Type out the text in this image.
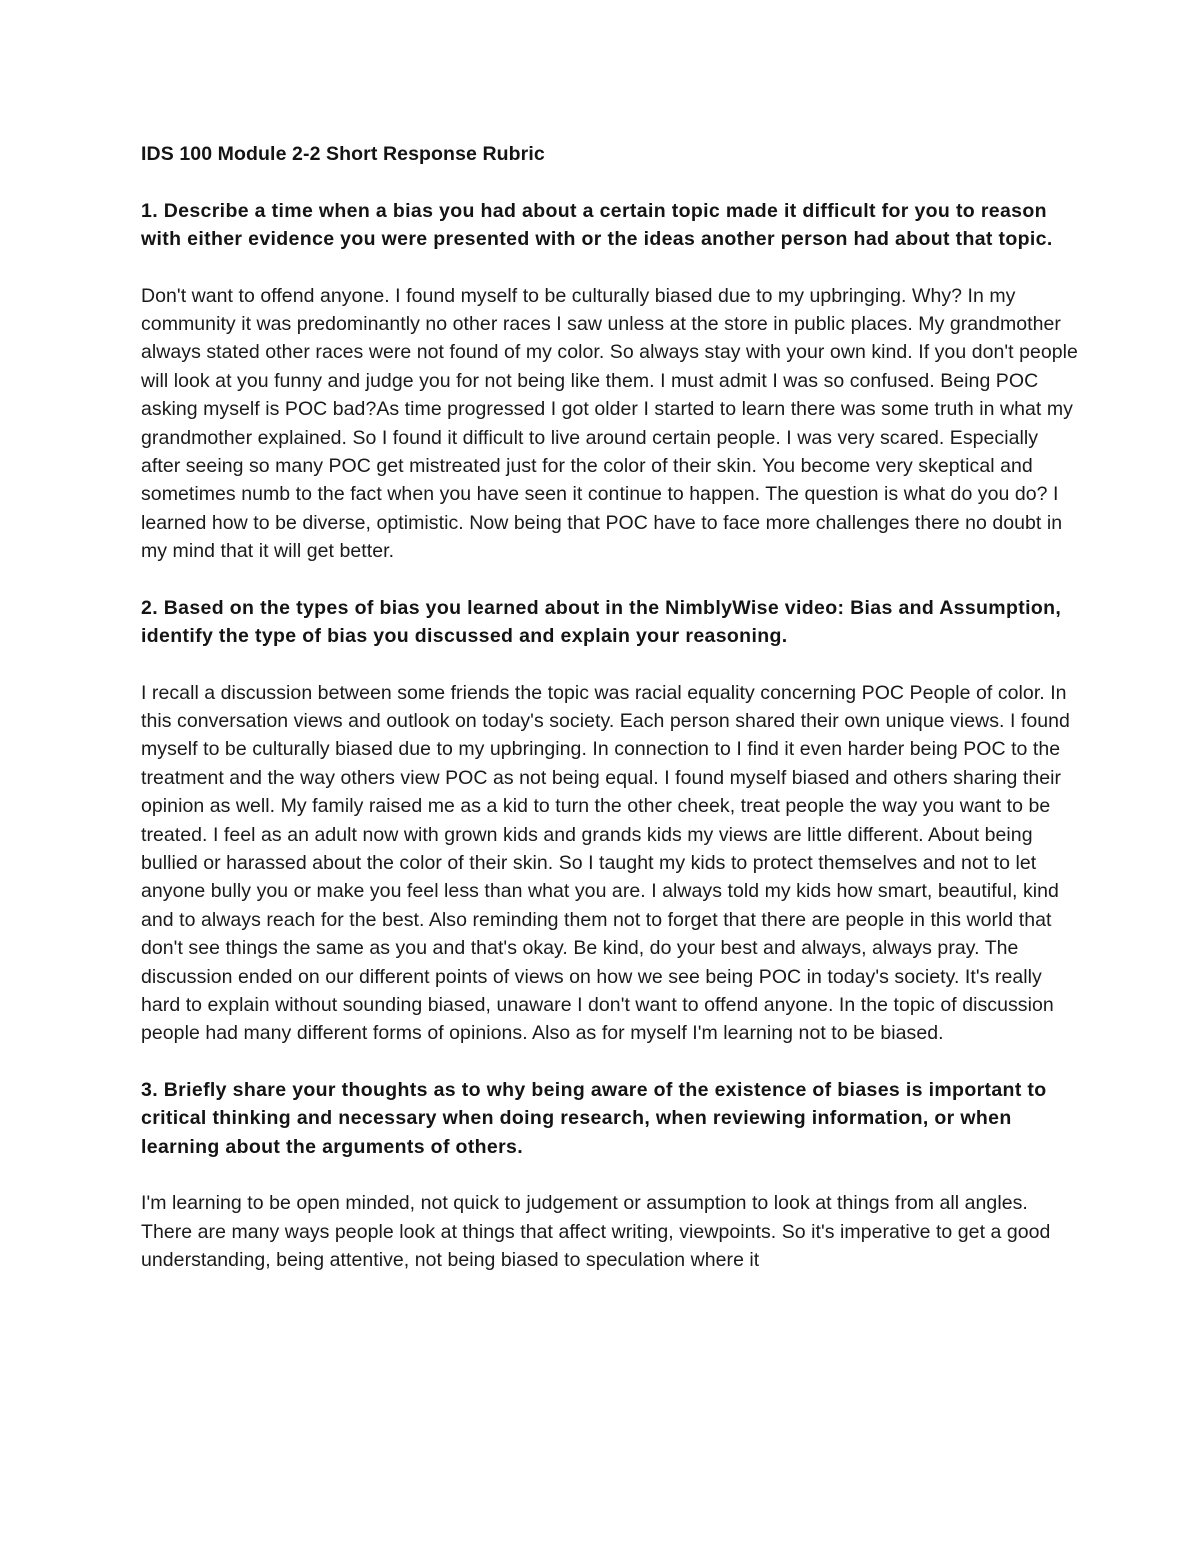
IDS 100 Module 2-2 Short Response Rubric

1. Describe a time when a bias you had about a certain topic made it difficult for you to reason with either evidence you were presented with or the ideas another person had about that topic.

Don't want to offend anyone. I found myself to be culturally biased due to my upbringing. Why? In my community it was predominantly no other races I saw unless at the store in public places. My grandmother always stated other races were not found of my color. So always stay with your own kind. If you don't people will look at you funny and judge you for not being like them. I must admit I was so confused. Being POC asking myself is POC bad?As time progressed I got older I started to learn there was some truth in what my grandmother explained. So I found it difficult to live around certain people. I was very scared. Especially after seeing so many POC get mistreated just for the color of their skin. You become very skeptical and sometimes numb to the fact when you have seen it continue to happen. The question is what do you do? I learned how to be diverse, optimistic. Now being that POC have to face more challenges there no doubt in my mind that it will get better.

2. Based on the types of bias you learned about in the NimblyWise video: Bias and Assumption, identify the type of bias you discussed and explain your reasoning.

I recall a discussion between some friends the topic was racial equality concerning POC People of color. In this conversation views and outlook on today's society. Each person shared their own unique views. I found myself to be culturally biased due to my upbringing. In connection to I find it even harder being POC to the treatment and the way others view POC as not being equal. I found myself biased and others sharing their opinion as well. My family raised me as a kid to turn the other cheek, treat people the way you want to be treated. I feel as an adult now with grown kids and grands kids my views are little different. About being bullied or harassed about the color of their skin. So I taught my kids to protect themselves and not to let anyone bully you or make you feel less than what you are. I always told my kids how smart, beautiful, kind and to always reach for the best. Also reminding them not to forget that there are people in this world that don't see things the same as you and that's okay. Be kind, do your best and always, always pray. The discussion ended on our different points of views on how we see being POC in today's society. It's really hard to explain without sounding biased, unaware I don't want to offend anyone. In the topic of discussion people had many different forms of opinions. Also as for myself I'm learning not to be biased.

3. Briefly share your thoughts as to why being aware of the existence of biases is important to critical thinking and necessary when doing research, when reviewing information, or when learning about the arguments of others.

I'm learning to be open minded, not quick to judgement or assumption to look at things from all angles. There are many ways people look at things that affect writing, viewpoints. So it's imperative to get a good understanding, being attentive, not being biased to speculation where it
